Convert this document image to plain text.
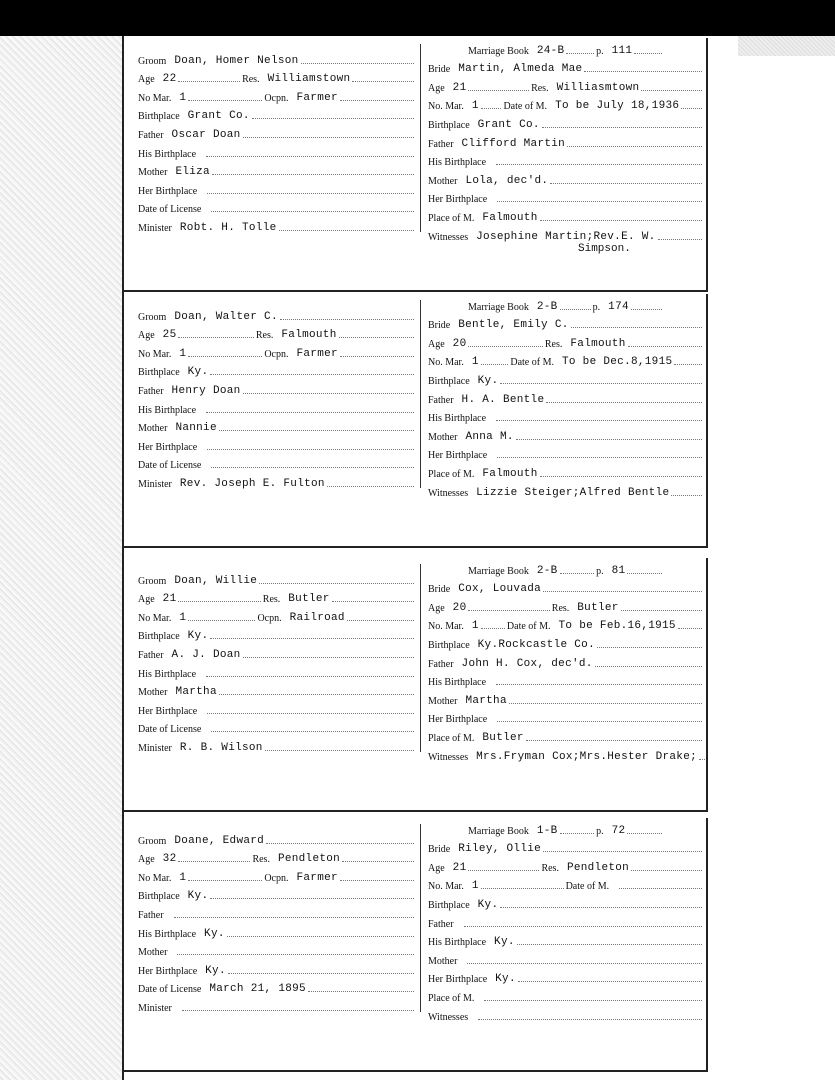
Groom Doan, Homer Nelson
Age 22	Res. Williamstown
No Mar. 1	Ocpn. Farmer
Birthplace Grant Co.
Father Oscar Doan
His Birthplace
Mother Eliza
Her Birthplace
Date of License
Minister Robt. H. Tolle
Marriage Book 24-B	p. 111
Bride Martin, Almeda Mae
Age 21	Res. Williasmtown
No. Mar. 1 Date of M. To be July 18,1936
Birthplace Grant Co.
Father Clifford Martin
His Birthplace
Mother Lola, dec'd.
Her Birthplace
Place of M. Falmouth
Witnesses Josephine Martin;Rev.E. W.
Simpson.
Groom Doan, Walter C.
Age 25	Res. Falmouth
No Mar. 1	Ocpn. Farmer
Birthplace Ky.
Father Henry Doan
His Birthplace
Mother Nannie
Her Birthplace
Date of License
Minister Rev. Joseph E. Fulton
Marriage Book 2-B	p. 174
Bride Bentle, Emily C.
Age 20	Res. Falmouth
No. Mar. 1	Date of M. To be Dec.8,1915
Birthplace Ky.
Father H. A. Bentle
His Birthplace
Mother Anna M.
Her Birthplace
Place of M. Falmouth
Witnesses Lizzie Steiger;Alfred Bentle
Groom Doan, Willie
Age 21	Res. Butler
No Mar. 1	Ocpn. Railroad
Birthplace Ky.
Father A. J. Doan
His Birthplace
Mother Martha
Her Birthplace
Date of License
Minister R. B. Wilson
Marriage Book 2-B	p. 81
Bride Cox, Louvada
Age 20	Res. Butler
No. Mar. 1	Date of M. To be Feb.16,1915
Birthplace Ky.Rockcastle Co.
Father John H. Cox, dec'd.
His Birthplace
Mother Martha
Her Birthplace
Place of M. Butler
Witnesses Mrs.Fryman Cox;Mrs.Hester Drake;
Groom Doane, Edward
Age 32	Res. Pendleton
No Mar. 1	Ocpn. Farmer
Birthplace Ky.
Father
His Birthplace Ky.
Mother
Her Birthplace Ky.
Date of License March 21, 1895
Minister
Marriage Book 1-B	p. 72
Bride Riley, Ollie
Age 21	Res. Pendleton
No. Mar. 1	Date of M.
Birthplace Ky.
Father
His Birthplace Ky.
Mother
Her Birthplace Ky.
Place of M.
Witnesses
